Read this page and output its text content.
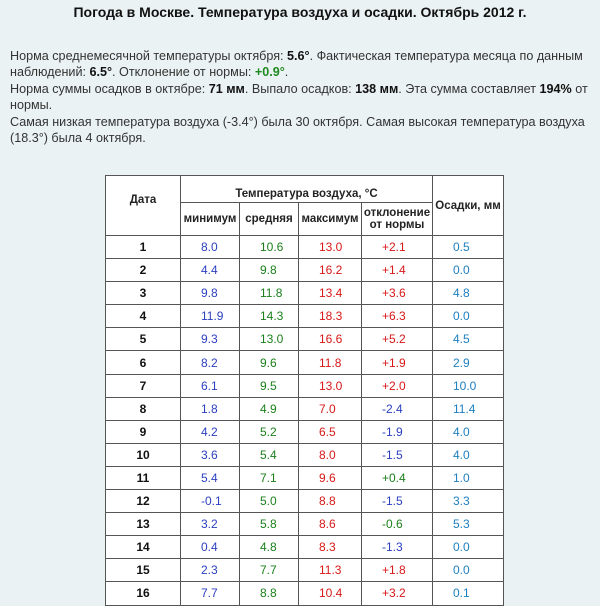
Погода в Москве. Температура воздуха и осадки. Октябрь 2012 г.

Норма среднемесячной температуры октября: 5.6°. Фактическая температура месяца по данным наблюдений: 6.5°. Отклонение от нормы: +0.9°.

Норма суммы осадков в октябре: 71 мм. Выпало осадков: 138 мм. Эта сумма составляет 194% от нормы.

Самая низкая температура воздуха (-3.4°) была 30 октября. Самая высокая температура воздуха (18.3°) была 4 октября.

Дата	Температура воздуха, °С				Осадки, мм
	минимум	средняя	максимум	отклонение от нормы	
1	8.0	10.6	13.0	+2.1	0.5
2	4.4	9.8	16.2	+1.4	0.0
3	9.8	11.8	13.4	+3.6	4.8
4	11.9	14.3	18.3	+6.3	0.0
5	9.3	13.0	16.6	+5.2	4.5
6	8.2	9.6	11.8	+1.9	2.9
7	6.1	9.5	13.0	+2.0	10.0
8	1.8	4.9	7.0	-2.4	11.4
9	4.2	5.2	6.5	-1.9	4.0
10	3.6	5.4	8.0	-1.5	4.0
11	5.4	7.1	9.6	+0.4	1.0
12	-0.1	5.0	8.8	-1.5	3.3
13	3.2	5.8	8.6	-0.6	5.3
14	0.4	4.8	8.3	-1.3	0.0
15	2.3	7.7	11.3	+1.8	0.0
16	7.7	8.8	10.4	+3.2	0.1
